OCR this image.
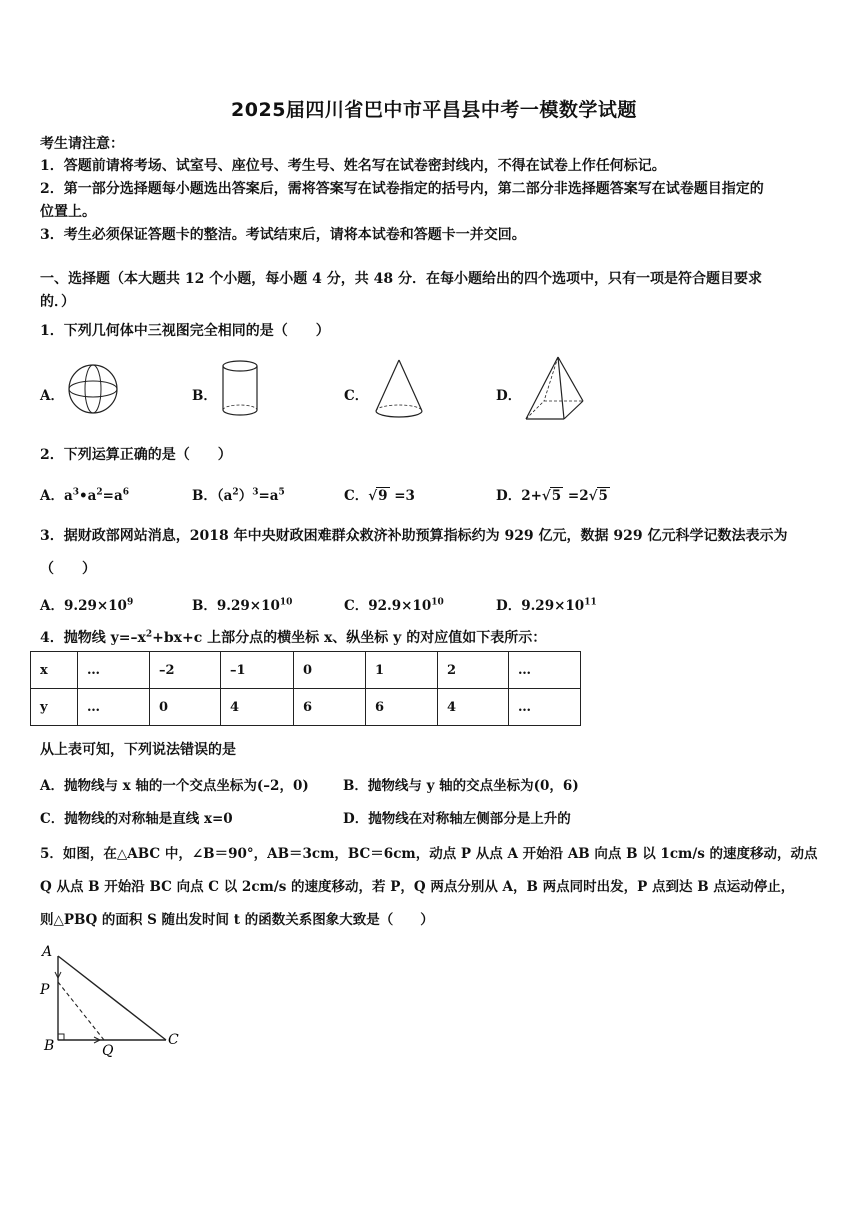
2025届四川省巴中市平昌县中考一模数学试题
考生请注意：
1．答题前请将考场、试室号、座位号、考生号、姓名写在试卷密封线内，不得在试卷上作任何标记。
2．第一部分选择题每小题选出答案后，需将答案写在试卷指定的括号内，第二部分非选择题答案写在试卷题目指定的
位置上。
3．考生必须保证答题卡的整洁。考试结束后，请将本试卷和答题卡一并交回。
一、选择题（本大题共 12 个小题，每小题 4 分，共 48 分．在每小题给出的四个选项中，只有一项是符合题目要求
的．）
1．下列几何体中三视图完全相同的是（　　）
A．	B．	C．	D．
2．下列运算正确的是（　　）
A．$a^3•a^2=a^6$	B．$(a^2)^3=a^5$	C．√9 =3	D．2+√5 =2√5
3．据财政部网站消息，2018 年中央财政困难群众救济补助预算指标约为 929 亿元，数据 929 亿元科学记数法表示为
（　　）
A．$9.29\times 10^9$	B．$9.29\times 10^{10}$	C．$92.9\times 10^{10}$	D．$9.29\times 10^{11}$
4．抛物线 $y=-x^2+bx+c$ 上部分点的横坐标 x、纵坐标 y 的对应值如下表所示：
x	…	–2	–1	0	1	2	…
y	…	0	4	6	6	4	…
从上表可知，下列说法错误的是
A．抛物线与 x 轴的一个交点坐标为(–2，0)	B．抛物线与 y 轴的交点坐标为(0，6)
C．抛物线的对称轴是直线 x=0	D．抛物线在对称轴左侧部分是上升的
5．如图，在△ABC 中，∠B＝90°，AB＝3cm，BC＝6cm，动点 P 从点 A 开始沿 AB 向点 B 以 1cm/s 的速度移动，动点
Q 从点 B 开始沿 BC 向点 C 以 2cm/s 的速度移动，若 P，Q 两点分别从 A，B 两点同时出发，P 点到达 B 点运动停止，
则△PBQ 的面积 S 随出发时间 t 的函数关系图象大致是（　　）
A
P
B	Q
C
